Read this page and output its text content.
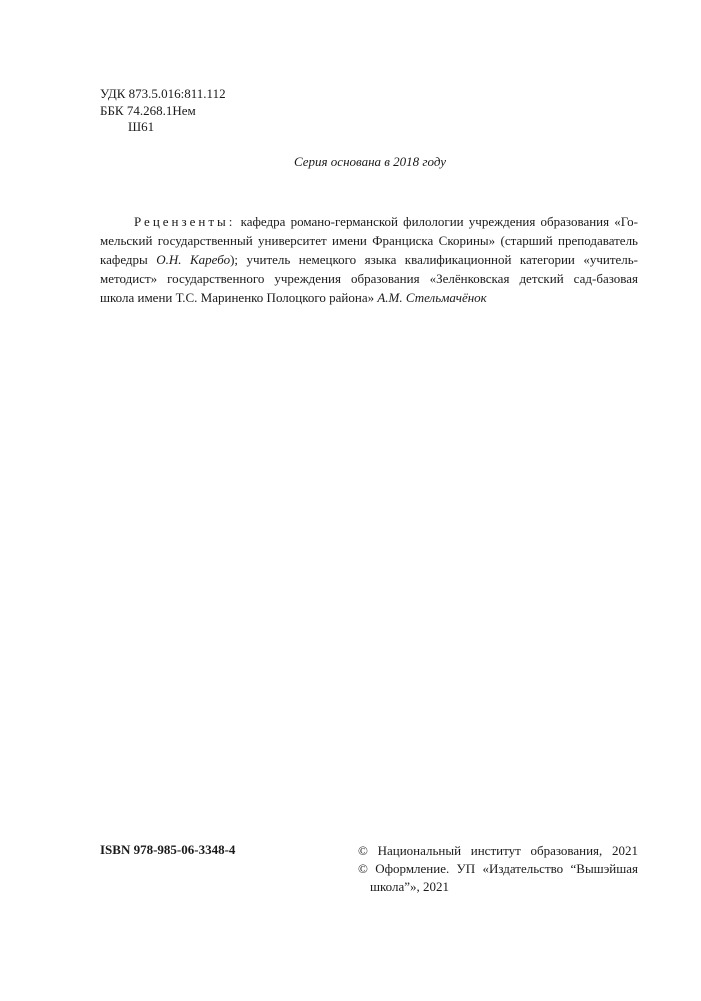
УДК 873.5.016:811.112
ББК 74.268.1Нем
Ш61
Серия основана в 2018 году
Рецензенты: кафедра романо-германской филологии учреждения образования «Го-
мельский государственный университет имени Франциска Скорины» (старший преподаватель
кафедры О.Н. Каребо); учитель немецкого языка квалификационной категории «учитель-
методист» государственного учреждения образования «Зелёнковская детский сад-базовая
школа имени Т.С. Мариненко Полоцкого района» А.М. Стельмачёнок
ISBN 978-985-06-3348-4	© Национальный институт образования, 2021
© Оформление. УП «Издательство “Вышэйшая
школа”», 2021
